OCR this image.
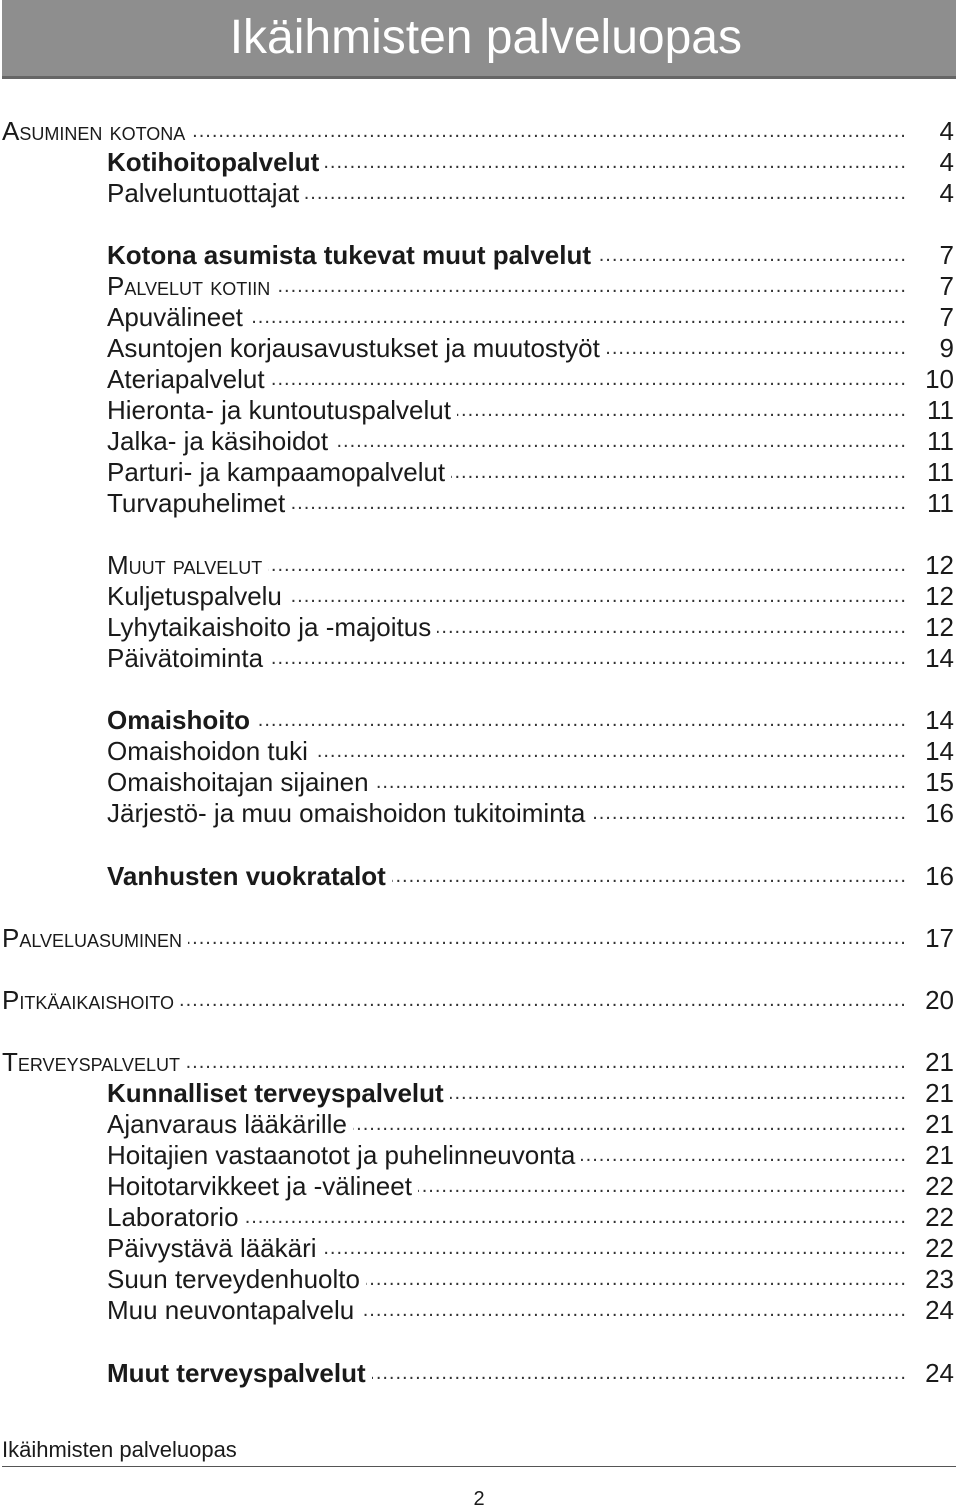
Ikäihmisten palveluopas
Asuminen kotona .....	4
Kotihoitopalvelut .....	4
Palveluntuottajat .....	4
Kotona asumista tukevat muut palvelut .....	7
Palvelut kotiin .....	7
Apuvälineet .....	7
Asuntojen korjausavustukset ja muutostyöt .....	9
Ateriapalvelut .....	10
Hieronta- ja kuntoutuspalvelut .....	11
Jalka- ja käsihoidot .....	11
Parturi- ja kampaamopalvelut .....	11
Turvapuhelimet .....	11
Muut palvelut .....	12
Kuljetuspalvelu .....	12
Lyhytaikaishoito ja -majoitus .....	12
Päivätoiminta .....	14
Omaishoito .....	14
Omaishoidon tuki .....	14
Omaishoitajan sijainen .....	15
Järjestö- ja muu omaishoidon tukitoiminta .....	16
Vanhusten vuokratalot .....	16
Palveluasuminen .....	17
Pitkäaikaishoito .....	20
Terveyspalvelut .....	21
Kunnalliset terveyspalvelut .....	21
Ajanvaraus lääkärille .....	21
Hoitajien vastaanotot ja puhelinneuvonta .....	21
Hoitotarvikkeet ja -välineet .....	22
Laboratorio .....	22
Päivystävä lääkäri .....	22
Suun terveydenhuolto .....	23
Muu neuvontapalvelu .....	24
Muut terveyspalvelut .....	24
Ikäihmisten palveluopas
2
